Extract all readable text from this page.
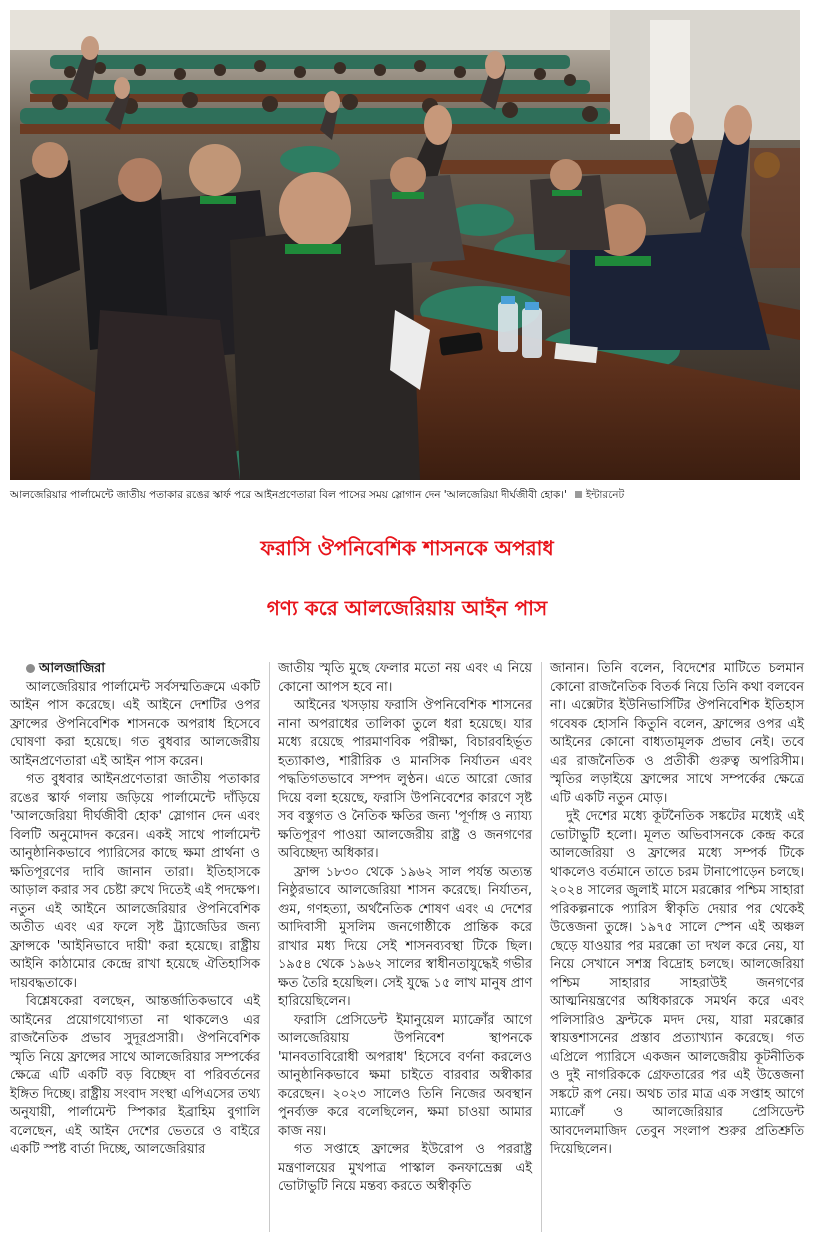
আলজেরিয়ার পার্লামেন্টে জাতীয় পতাকার রঙের স্কার্ফ পরে আইনপ্রণেতারা বিল পাসের সময় স্লোগান দেন 'আলজেরিয়া দীর্ঘজীবী হোক।' ইন্টারনেট
ফরাসি ঔপনিবেশিক শাসনকে অপরাধ
গণ্য করে আলজেরিয়ায় আইন পাস

আলজাজিরা

আলজেরিয়ার পার্লামেন্ট সর্বসম্মতিক্রমে একটি আইন পাস করেছে। এই আইনে দেশটির ওপর ফ্রান্সের ঔপনিবেশিক শাসনকে অপরাধ হিসেবে ঘোষণা করা হয়েছে। গত বুধবার আলজেরীয় আইনপ্রণেতারা এই আইন পাস করেন।

গত বুধবার আইনপ্রণেতারা জাতীয় পতাকার রঙের স্কার্ফ গলায় জড়িয়ে পার্লামেন্টে দাঁড়িয়ে 'আলজেরিয়া দীর্ঘজীবী হোক' স্লোগান দেন এবং বিলটি অনুমোদন করেন। একই সাথে পার্লামেন্ট আনুষ্ঠানিকভাবে প্যারিসের কাছে ক্ষমা প্রার্থনা ও ক্ষতিপূরণের দাবি জানান তারা। ইতিহাসকে আড়াল করার সব চেষ্টা রুখে দিতেই এই পদক্ষেপ। নতুন এই আইনে আলজেরিয়ার ঔপনিবেশিক অতীত এবং এর ফলে সৃষ্ট ট্র্যাজেডির জন্য ফ্রান্সকে 'আইনিভাবে দায়ী' করা হয়েছে। রাষ্ট্রীয় আইনি কাঠামোর কেন্দ্রে রাখা হয়েছে ঐতিহাসিক দায়বদ্ধতাকে।

বিশ্লেষকেরা বলছেন, আন্তর্জাতিকভাবে এই আইনের প্রয়োগযোগ্যতা না থাকলেও এর রাজনৈতিক প্রভাব সুদূরপ্রসারী। ঔপনিবেশিক স্মৃতি নিয়ে ফ্রান্সের সাথে আলজেরিয়ার সম্পর্কের ক্ষেত্রে এটি একটি বড় বিচ্ছেদ বা পরিবর্তনের ইঙ্গিত দিচ্ছে। রাষ্ট্রীয় সংবাদ সংস্থা এপিএসের তথ্য অনুযায়ী, পার্লামেন্ট স্পিকার ইব্রাহিম বুগালি বলেছেন, এই আইন দেশের ভেতরে ও বাইরে একটি স্পষ্ট বার্তা দিচ্ছে, আলজেরিয়ার

জাতীয় স্মৃতি মুছে ফেলার মতো নয় এবং এ নিয়ে কোনো আপস হবে না।

আইনের খসড়ায় ফরাসি ঔপনিবেশিক শাসনের নানা অপরাধের তালিকা তুলে ধরা হয়েছে। যার মধ্যে রয়েছে পারমাণবিক পরীক্ষা, বিচারবহির্ভূত হত্যাকাণ্ড, শারীরিক ও মানসিক নির্যাতন এবং পদ্ধতিগতভাবে সম্পদ লুণ্ঠন। এতে আরো জোর দিয়ে বলা হয়েছে, ফরাসি উপনিবেশের কারণে সৃষ্ট সব বস্তুগত ও নৈতিক ক্ষতির জন্য 'পূর্ণাঙ্গ ও ন্যায্য ক্ষতিপূরণ পাওয়া আলজেরীয় রাষ্ট্র ও জনগণের অবিচ্ছেদ্য অধিকার।

ফ্রান্স ১৮৩০ থেকে ১৯৬২ সাল পর্যন্ত অত্যন্ত নিষ্ঠুরভাবে আলজেরিয়া শাসন করেছে। নির্যাতন, গুম, গণহত্যা, অর্থনৈতিক শোষণ এবং এ দেশের আদিবাসী মুসলিম জনগোষ্ঠীকে প্রান্তিক করে রাখার মধ্য দিয়ে সেই শাসনব্যবস্থা টিকে ছিল। ১৯৫৪ থেকে ১৯৬২ সালের স্বাধীনতাযুদ্ধেই গভীর ক্ষত তৈরি হয়েছিল। সেই যুদ্ধে ১৫ লাখ মানুষ প্রাণ হারিয়েছিলেন।

ফরাসি প্রেসিডেন্ট ইমানুয়েল ম্যাক্রোঁর আগে আলজেরিয়ায় উপনিবেশ স্থাপনকে 'মানবতাবিরোধী অপরাধ' হিসেবে বর্ণনা করলেও আনুষ্ঠানিকভাবে ক্ষমা চাইতে বারবার অস্বীকার করেছেন। ২০২৩ সালেও তিনি নিজের অবস্থান পুনর্ব্যক্ত করে বলেছিলেন, ক্ষমা চাওয়া আমার কাজ নয়।

গত সপ্তাহে ফ্রান্সের ইউরোপ ও পররাষ্ট্র মন্ত্রণালয়ের মুখপাত্র পাস্কাল কনফাভ্রেক্স এই ভোটাভুটি নিয়ে মন্তব্য করতে অস্বীকৃতি

জানান। তিনি বলেন, বিদেশের মাটিতে চলমান কোনো রাজনৈতিক বিতর্ক নিয়ে তিনি কথা বলবেন না। এক্সেটার ইউনিভার্সিটির ঔপনিবেশিক ইতিহাস গবেষক হোসনি কিতুনি বলেন, ফ্রান্সের ওপর এই আইনের কোনো বাধ্যতামূলক প্রভাব নেই। তবে এর রাজনৈতিক ও প্রতীকী গুরুত্ব অপরিসীম। স্মৃতির লড়াইয়ে ফ্রান্সের সাথে সম্পর্কের ক্ষেত্রে এটি একটি নতুন মোড়।

দুই দেশের মধ্যে কূটনৈতিক সঙ্কটের মধ্যেই এই ভোটাভুটি হলো। মূলত অভিবাসনকে কেন্দ্র করে আলজেরিয়া ও ফ্রান্সের মধ্যে সম্পর্ক টিকে থাকলেও বর্তমানে তাতে চরম টানাপোড়েন চলছে। ২০২৪ সালের জুলাই মাসে মরক্কোর পশ্চিম সাহারা পরিকল্পনাকে প্যারিস স্বীকৃতি দেয়ার পর থেকেই উত্তেজনা তুঙ্গে। ১৯৭৫ সালে স্পেন এই অঞ্চল ছেড়ে যাওয়ার পর মরক্কো তা দখল করে নেয়, যা নিয়ে সেখানে সশস্ত্র বিদ্রোহ চলছে। আলজেরিয়া পশ্চিম সাহারার সাহরাউই জনগণের আত্মনিয়ন্ত্রণের অধিকারকে সমর্থন করে এবং পলিসারিও ফ্রন্টকে মদদ দেয়, যারা মরক্কোর স্বায়ত্তশাসনের প্রস্তাব প্রত্যাখ্যান করেছে। গত এপ্রিলে প্যারিসে একজন আলজেরীয় কূটনীতিক ও দুই নাগরিককে গ্রেফতারের পর এই উত্তেজনা সঙ্কটে রূপ নেয়। অথচ তার মাত্র এক সপ্তাহ আগে ম্যাক্রোঁ ও আলজেরিয়ার প্রেসিডেন্ট আবদেলমাজিদ তেবুন সংলাপ শুরুর প্রতিশ্রুতি দিয়েছিলেন।
